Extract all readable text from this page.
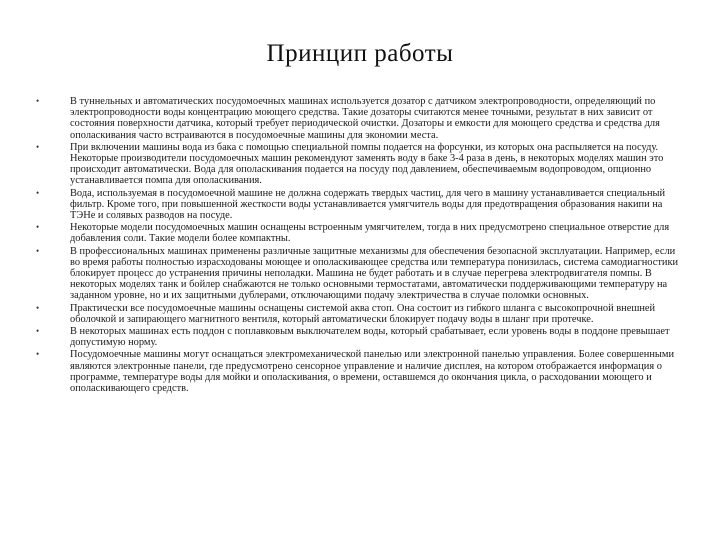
Принцип работы
•	В туннельных и автоматических посудомоечных машинах используется дозатор с датчиком электропроводности, определяющий по электропроводности воды концентрацию моющего средства. Такие дозаторы считаются менее точными, результат в них зависит от состояния поверхности датчика, который требует периодической очистки. Дозаторы и емкости для моющего средства и средства для ополаскивания часто встраиваются в посудомоечные машины для экономии места.
•	При включении машины вода из бака с помощью специальной помпы подается на форсунки, из которых она распыляется на посуду. Некоторые производители посудомоечных машин рекомендуют заменять воду в баке 3-4 раза в день, в некоторых моделях машин это происходит автоматически. Вода для ополаскивания подается на посуду под давлением, обеспечиваемым водопроводом, опционно устанавливается помпа для ополаскивания.
•	Вода, используемая в посудомоечной машине не должна содержать твердых частиц, для чего в машину устанавливается специальный фильтр. Кроме того, при повышенной жесткости воды устанавливается умягчитель воды для предотвращения образования накипи на ТЭНе и солявых разводов на посуде.
•	Некоторые модели посудомоечных машин оснащены встроенным умягчителем, тогда в них предусмотрено специальное отверстие для добавления соли. Такие модели более компактны.
•	В профессиональных машинах применены различные защитные механизмы для обеспечения безопасной эксплуатации. Например, если во время работы полностью израсходованы моющее и ополаскивающее средства или температура понизилась, система самодиагностики блокирует процесс до устранения причины неполадки. Машина не будет работать и в случае перегрева электродвигателя помпы. В некоторых моделях танк и бойлер снабжаются не только основными термостатами, автоматически поддерживающими температуру на заданном уровне, но и их защитными дублерами, отключающими подачу электричества в случае поломки основных.
•	Практически все посудомоечные машины оснащены системой аква стоп. Она состоит из гибкого шланга с высокопрочной внешней оболочкой и запирающего магнитного вентиля, который автоматически блокирует подачу воды в шланг при протечке.
•	В некоторых машинах есть поддон с поплавковым выключателем воды, который срабатывает, если уровень воды в поддоне превышает допустимую норму.
•	Посудомоечные машины могут оснащаться электромеханической панелью или электронной панелью управления. Более совершенными являются электронные панели, где предусмотрено сенсорное управление и наличие дисплея, на котором отображается информация о программе, температуре воды для мойки и ополаскивания, о времени, оставшемся до окончания цикла, о расходовании моющего и ополаскивающего средств.
